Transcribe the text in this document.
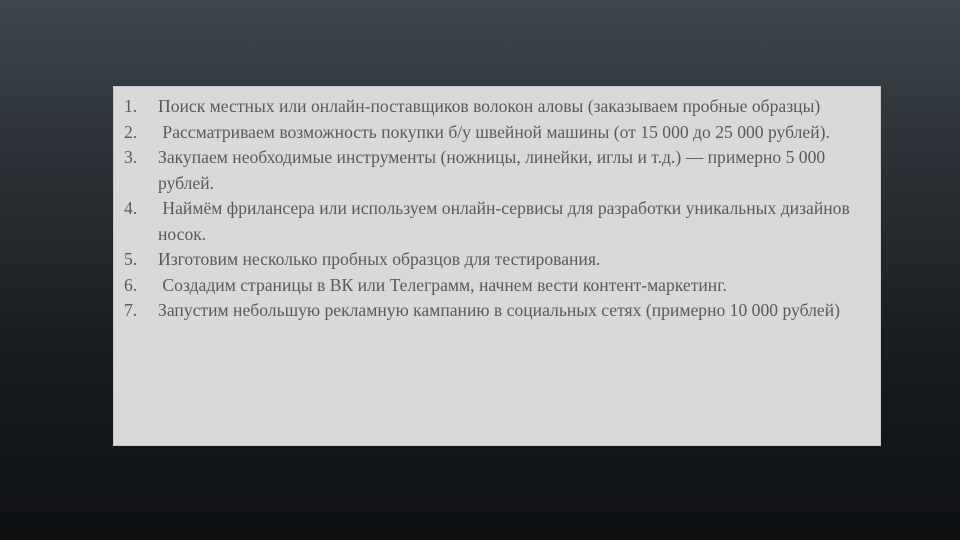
1.	Поиск местных или онлайн-поставщиков волокон аловы (заказываем пробные образцы)
2.	Рассматриваем возможность покупки б/у швейной машины (от 15 000 до 25 000 рублей).
3.	Закупаем необходимые инструменты (ножницы, линейки, иглы и т.д.) — примерно 5 000 рублей.
4.	Наймём фрилансера или используем онлайн-сервисы для разработки уникальных дизайнов носок.
5.	Изготовим несколько пробных образцов для тестирования.
6.	Создадим страницы в ВК или Телеграмм, начнем вести контент-маркетинг.
7.	Запустим небольшую рекламную кампанию в социальных сетях (примерно 10 000 рублей)
